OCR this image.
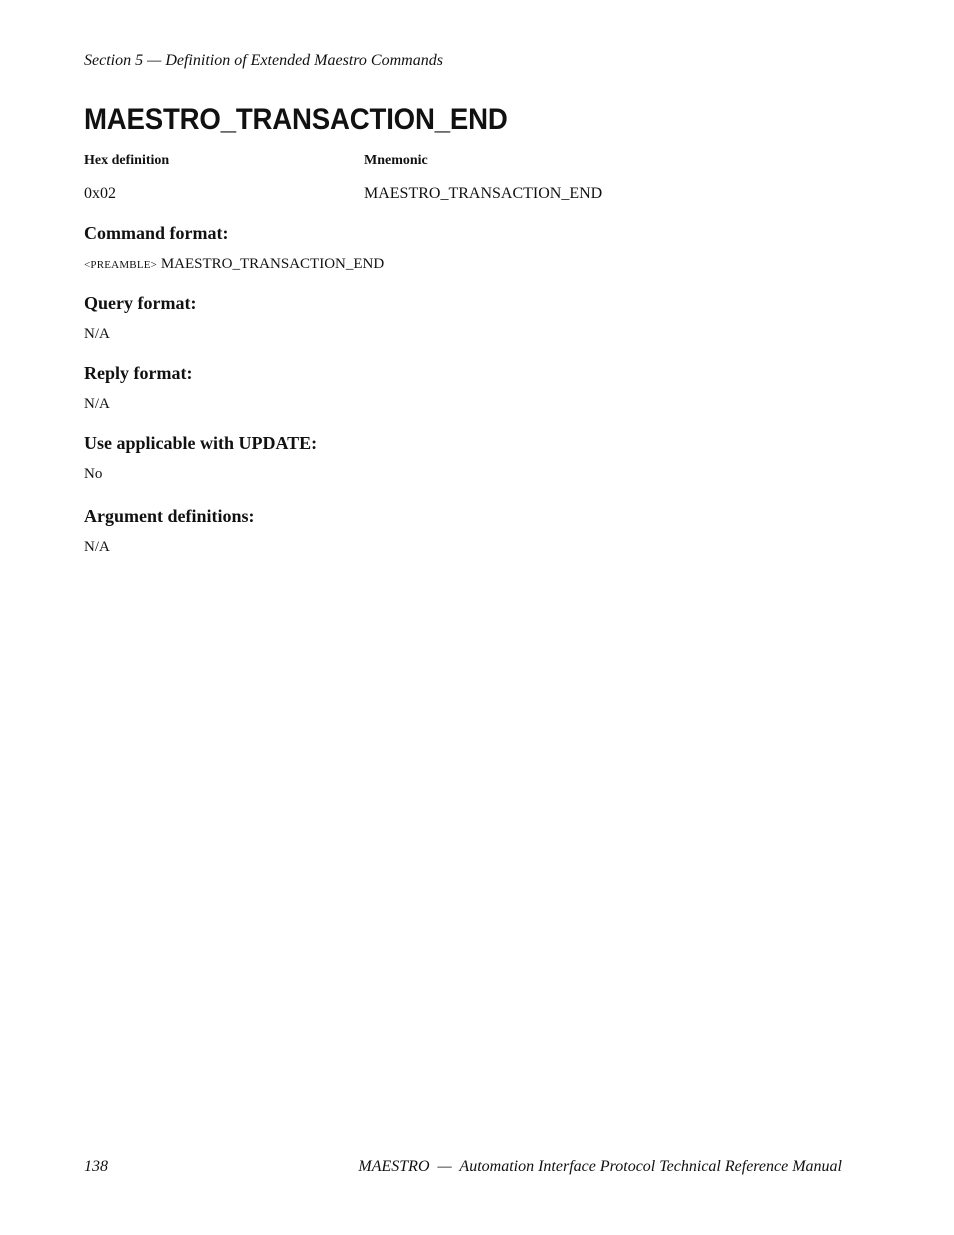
Section 5 — Definition of Extended Maestro Commands
MAESTRO_TRANSACTION_END
Hex definition	Mnemonic
0x02	MAESTRO_TRANSACTION_END
Command format:
<PREAMBLE> MAESTRO_TRANSACTION_END
Query format:
N/A
Reply format:
N/A
Use applicable with UPDATE:
No
Argument definitions:
N/A
138	MAESTRO  —  Automation Interface Protocol Technical Reference Manual
